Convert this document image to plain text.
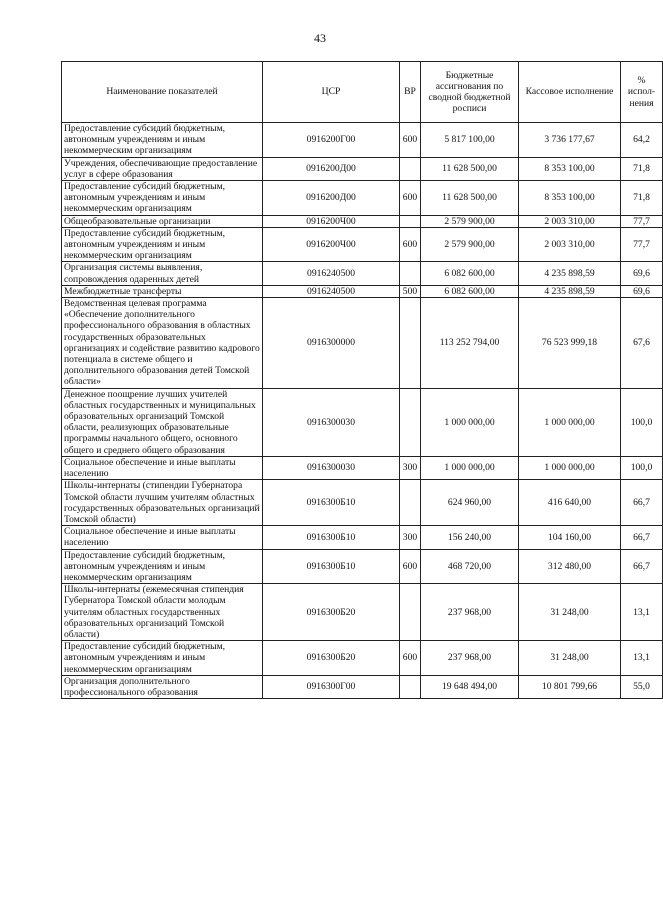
43
Наименование показателей	ЦСР	ВР	Бюджетные ассигнования по сводной бюджетной росписи	Кассовое исполнение	% испол-нения
Предоставление субсидий бюджетным, автономным учреждениям и иным некоммерческим организациям	0916200Г00	600	5 817 100,00	3 736 177,67	64,2
Учреждения, обеспечивающие предоставление услуг в сфере образования	0916200Д00		11 628 500,00	8 353 100,00	71,8
Предоставление субсидий бюджетным, автономным учреждениям и иным некоммерческим организациям	0916200Д00	600	11 628 500,00	8 353 100,00	71,8
Общеобразовательные организации	0916200Ч00		2 579 900,00	2 003 310,00	77,7
Предоставление субсидий бюджетным, автономным учреждениям и иным некоммерческим организациям	0916200Ч00	600	2 579 900,00	2 003 310,00	77,7
Организация системы выявления, сопровождения одаренных детей	0916240500		6 082 600,00	4 235 898,59	69,6
Межбюджетные трансферты	0916240500	500	6 082 600,00	4 235 898,59	69,6
Ведомственная целевая программа «Обеспечение дополнительного профессионального образования в областных государственных образовательных организациях и содействие развитию кадрового потенциала в системе общего и дополнительного образования детей Томской области»	0916300000		113 252 794,00	76 523 999,18	67,6
Денежное поощрение лучших учителей областных государственных и муниципальных образовательных организаций Томской области, реализующих образовательные программы начального общего, основного общего и среднего общего образования	0916300030		1 000 000,00	1 000 000,00	100,0
Социальное обеспечение и иные выплаты населению	0916300030	300	1 000 000,00	1 000 000,00	100,0
Школы-интернаты (стипендии Губернатора Томской области лучшим учителям областных государственных образовательных организаций Томской области)	0916300Б10		624 960,00	416 640,00	66,7
Социальное обеспечение и иные выплаты населению	0916300Б10	300	156 240,00	104 160,00	66,7
Предоставление субсидий бюджетным, автономным учреждениям и иным некоммерческим организациям	0916300Б10	600	468 720,00	312 480,00	66,7
Школы-интернаты (ежемесячная стипендия Губернатора Томской области молодым учителям областных государственных образовательных организаций Томской области)	0916300Б20		237 968,00	31 248,00	13,1
Предоставление субсидий бюджетным, автономным учреждениям и иным некоммерческим организациям	0916300Б20	600	237 968,00	31 248,00	13,1
Организация дополнительного профессионального образования	0916300Г00		19 648 494,00	10 801 799,66	55,0
